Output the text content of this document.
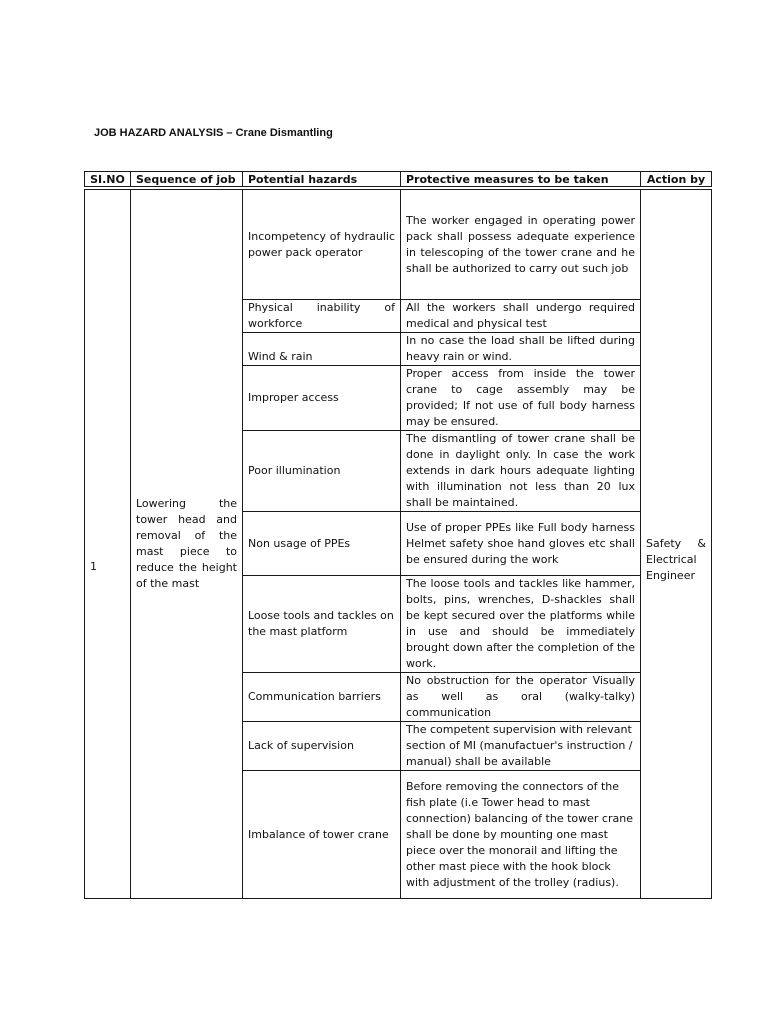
JOB HAZARD ANALYSIS – Crane Dismantling
SI.NO	Sequence of job	Potential hazards	Protective measures to be taken	Action by

1	Lowering the tower head and removal of the mast piece to reduce the height of the mast	Incompetency of hydraulic power pack operator	The worker engaged in operating power pack shall possess adequate experience in telescoping of the tower crane and he shall be authorized to carry out such job	Safety & Electrical Engineer
		Physical inability of workforce	All the workers shall undergo required medical and physical test	
		Wind & rain	In no case the load shall be lifted during heavy rain or wind.	
		Improper access	Proper access from inside the tower crane to cage assembly may be provided; If not use of full body harness may be ensured.	
		Poor illumination	The dismantling of tower crane shall be done in daylight only. In case the work extends in dark hours adequate lighting with illumination not less than 20 lux shall be maintained.	
		Non usage of PPEs	Use of proper PPEs like Full body harness Helmet safety shoe hand gloves etc shall be ensured during the work	

		Loose tools and tackles on the mast platform	The loose tools and tackles like hammer, bolts, pins, wrenches, D-shackles shall be kept secured over the platforms while in use and should be immediately brought down after the completion of the work.	
		Communication barriers	No obstruction for the operator Visually as well as oral (walky-talky) communication	
		Lack of supervision	The competent supervision with relevant section of MI (manufactuer's instruction / manual) shall be available	

		Imbalance of tower crane	Before removing the connectors of the fish plate (i.e Tower head to mast connection) balancing of the tower crane shall be done by mounting one mast piece over the monorail and lifting the other mast piece with the hook block with adjustment of the trolley (radius).	
